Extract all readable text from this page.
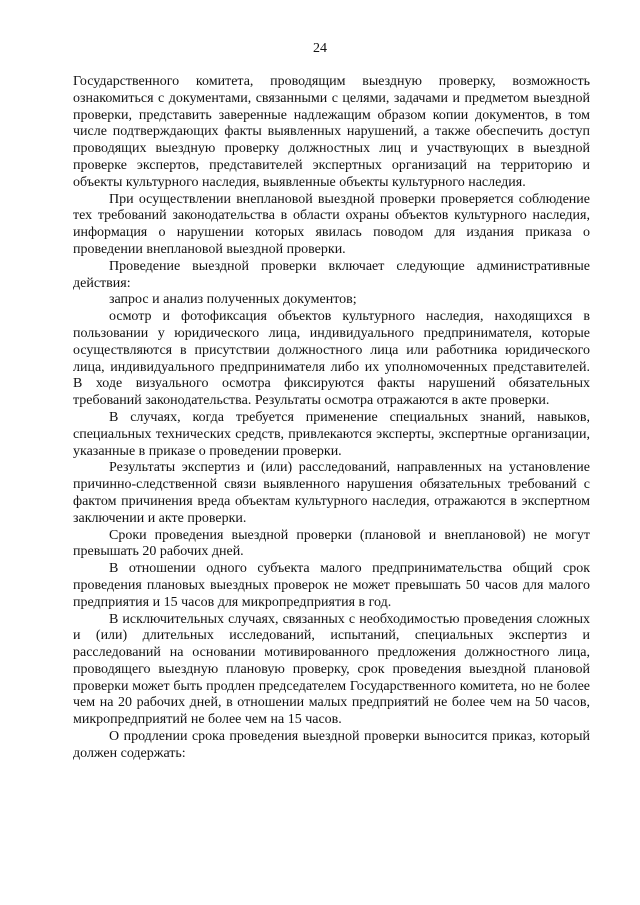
24

Государственного комитета, проводящим выездную проверку, возможность ознакомиться с документами, связанными с целями, задачами и предметом выездной проверки, представить заверенные надлежащим образом копии документов, в том числе подтверждающих факты выявленных нарушений, а также обеспечить доступ проводящих выездную проверку должностных лиц и участвующих в выездной проверке экспертов, представителей экспертных организаций на территорию и объекты культурного наследия, выявленные объекты культурного наследия.

При осуществлении внеплановой выездной проверки проверяется соблюдение тех требований законодательства в области охраны объектов культурного наследия, информация о нарушении которых явилась поводом для издания приказа о проведении внеплановой выездной проверки.

Проведение выездной проверки включает следующие административные действия:

запрос и анализ полученных документов;

осмотр и фотофиксация объектов культурного наследия, находящихся в пользовании у юридического лица, индивидуального предпринимателя, которые осуществляются в присутствии должностного лица или работника юридического лица, индивидуального предпринимателя либо их уполномоченных представителей. В ходе визуального осмотра фиксируются факты нарушений обязательных требований законодательства. Результаты осмотра отражаются в акте проверки.

В случаях, когда требуется применение специальных знаний, навыков, специальных технических средств, привлекаются эксперты, экспертные организации, указанные в приказе о проведении проверки.

Результаты экспертиз и (или) расследований, направленных на установление причинно-следственной связи выявленного нарушения обязательных требований с фактом причинения вреда объектам культурного наследия, отражаются в экспертном заключении и акте проверки.

Сроки проведения выездной проверки (плановой и внеплановой) не могут превышать 20 рабочих дней.

В отношении одного субъекта малого предпринимательства общий срок проведения плановых выездных проверок не может превышать 50 часов для малого предприятия и 15 часов для микропредприятия в год.

В исключительных случаях, связанных с необходимостью проведения сложных и (или) длительных исследований, испытаний, специальных экспертиз и расследований на основании мотивированного предложения должностного лица, проводящего выездную плановую проверку, срок проведения выездной плановой проверки может быть продлен председателем Государственного комитета, но не более чем на 20 рабочих дней, в отношении малых предприятий не более чем на 50 часов, микропредприятий не более чем на 15 часов.

О продлении срока проведения выездной проверки выносится приказ, который должен содержать:
